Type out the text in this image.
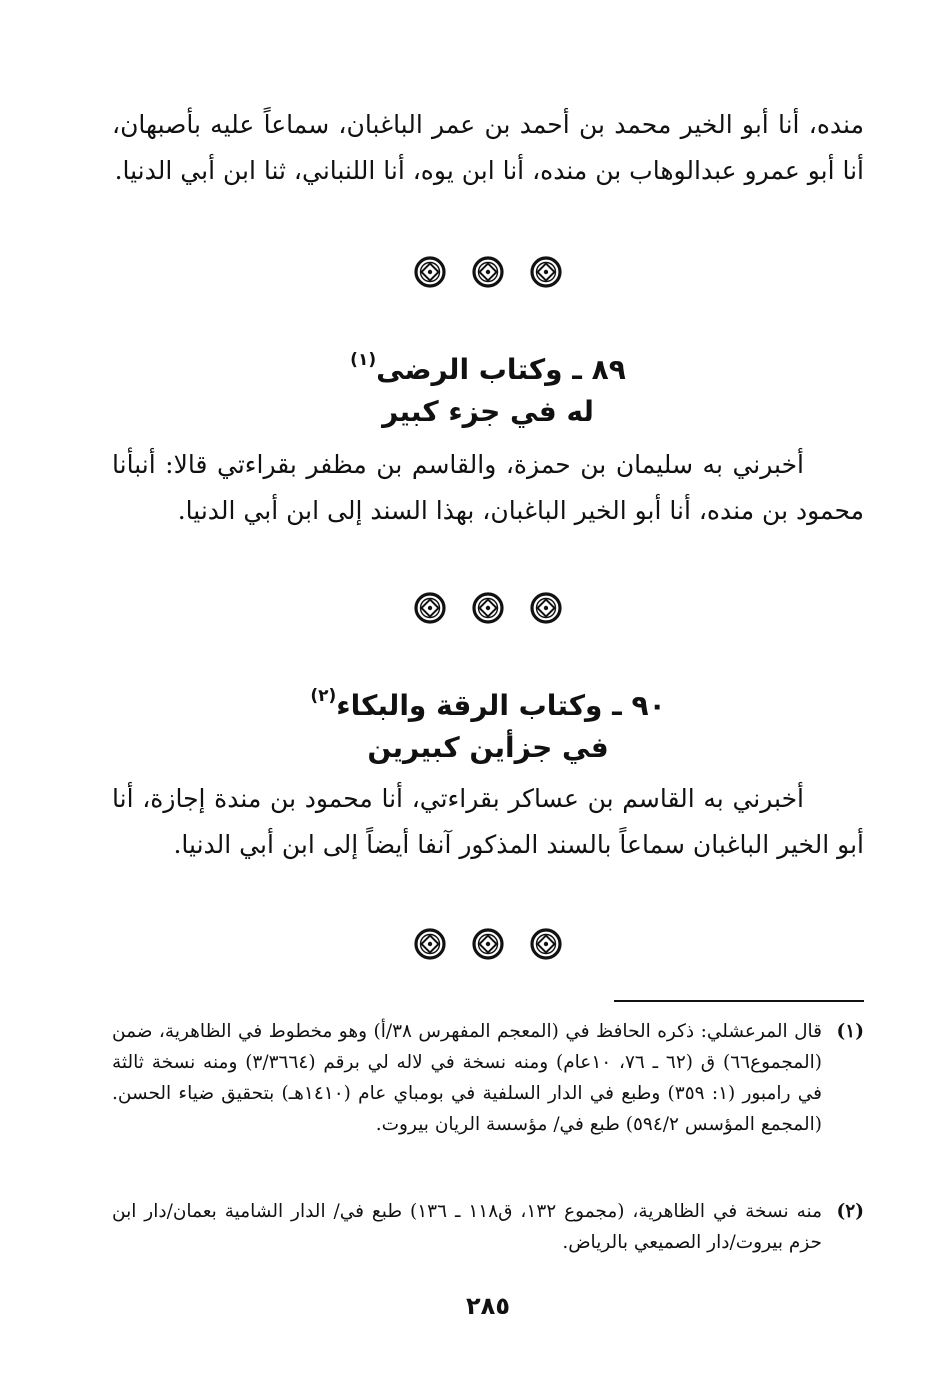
منده، أنا أبو الخير محمد بن أحمد بن عمر الباغبان، سماعاً عليه بأصبهان، أنا أبو عمرو عبدالوهاب بن منده، أنا ابن يوه، أنا اللنباني، ثنا ابن أبي الدنيا.

٨٩ ـ وكتاب الرضى$^{(١)}$
له في جزء كبير

أخبرني به سليمان بن حمزة، والقاسم بن مظفر بقراءتي قالا: أنبأنا محمود بن منده، أنا أبو الخير الباغبان، بهذا السند إلى ابن أبي الدنيا.

٩٠ ـ وكتاب الرقة والبكاء$^{(٢)}$
في جزأين كبيرين

أخبرني به القاسم بن عساكر بقراءتي، أنا محمود بن مندة إجازة، أنا أبو الخير الباغبان سماعاً بالسند المذكور آنفا أيضاً إلى ابن أبي الدنيا.

(١)
قال المرعشلي: ذكره الحافظ في (المعجم المفهرس ٣٨/أ) وهو مخطوط في الظاهرية، ضمن (المجموع٦٦) ق (٦٢ ـ ٧٦، ١٠عام) ومنه نسخة في لاله لي برقم (٣/٣٦٦٤) ومنه نسخة ثالثة في رامبور (١: ٣٥٩) وطبع في الدار السلفية في بومباي عام (١٤١٠هـ) بتحقيق ضياء الحسن. (المجمع المؤسس ٥٩٤/٢) طبع في/ مؤسسة الريان بيروت.
(٢)
منه نسخة في الظاهرية، (مجموع ١٣٢، ق١١٨ ـ ١٣٦) طبع في/ الدار الشامية بعمان/دار ابن حزم بيروت/دار الصميعي بالرياض.
٢٨٥
